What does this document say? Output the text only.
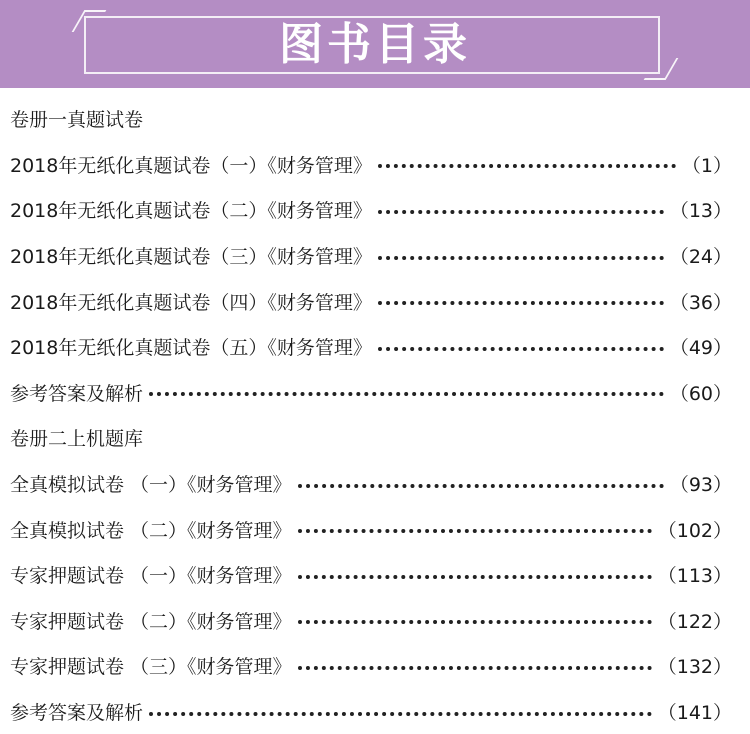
图书目录
卷册一真题试卷
2018年无纸化真题试卷（一）《财务管理》	（1）
2018年无纸化真题试卷（二）《财务管理》	（13）
2018年无纸化真题试卷（三）《财务管理》	（24）
2018年无纸化真题试卷（四）《财务管理》	（36）
2018年无纸化真题试卷（五）《财务管理》	（49）
参考答案及解析	（60）
卷册二上机题库
全真模拟试卷 （一）《财务管理》	（93）
全真模拟试卷 （二）《财务管理》	（102）
专家押题试卷 （一）《财务管理》	（113）
专家押题试卷 （二）《财务管理》	（122）
专家押题试卷 （三）《财务管理》	（132）
参考答案及解析	（141）
